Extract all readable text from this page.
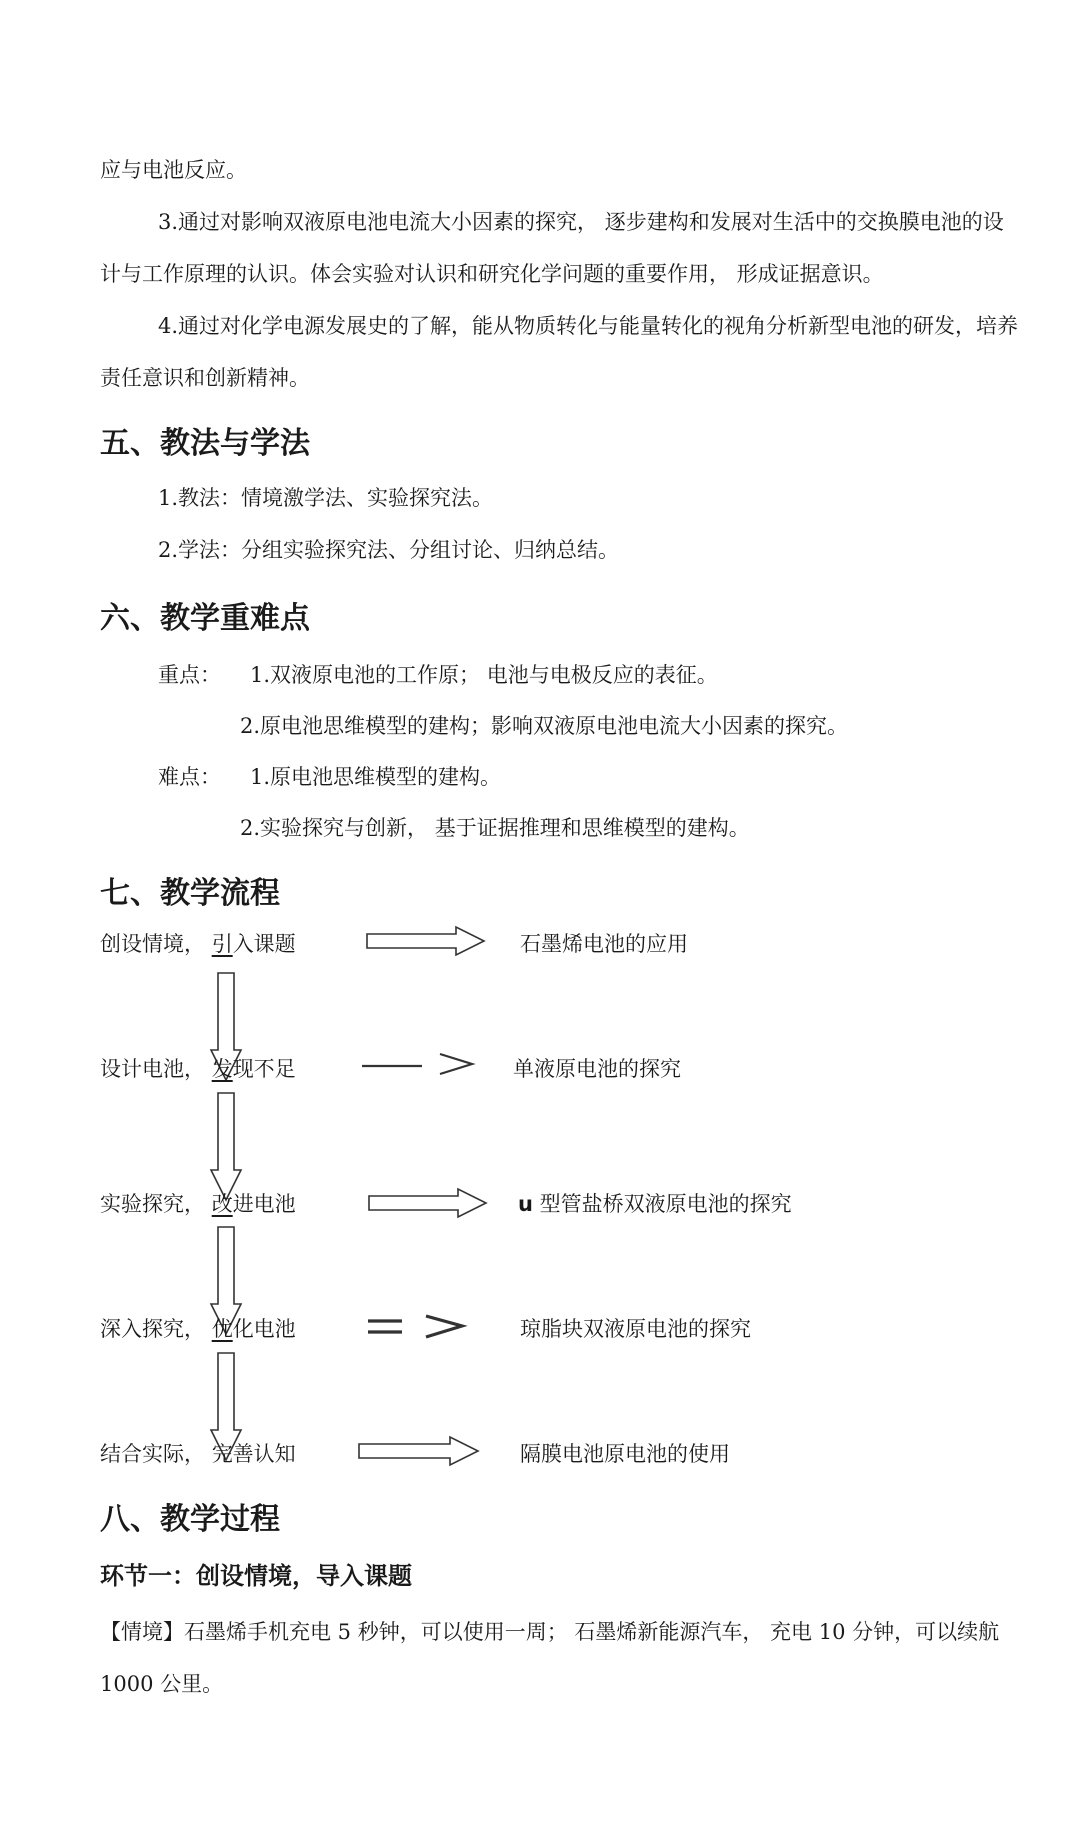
应与电池反应。

3.通过对影响双液原电池电流大小因素的探究， 逐步建构和发展对生活中的交换膜电池的设计与工作原理的认识。体会实验对认识和研究化学问题的重要作用， 形成证据意识。

4.通过对化学电源发展史的了解，能从物质转化与能量转化的视角分析新型电池的研发，培养责任意识和创新精神。

五、教法与学法

1.教法：情境激学法、实验探究法。

2.学法：分组实验探究法、分组讨论、归纳总结。

六、教学重难点

重点： 1.双液原电池的工作原； 电池与电极反应的表征。

2.原电池思维模型的建构；影响双液原电池电流大小因素的探究。

难点： 1.原电池思维模型的建构。

2.实验探究与创新， 基于证据推理和思维模型的建构。

七、教学流程
创设情境， 引入课题	石墨烯电池的应用
设计电池， 发现不足	单液原电池的探究
实验探究， 改进电池	u 型管盐桥双液原电池的探究
深入探究， 优化电池	琼脂块双液原电池的探究
结合实际， 完善认知	隔膜电池原电池的使用
八、教学过程
环节一：创设情境，导入课题

【情境】石墨烯手机充电 5 秒钟，可以使用一周； 石墨烯新能源汽车， 充电 10 分钟，可以续航 1000 公里。
